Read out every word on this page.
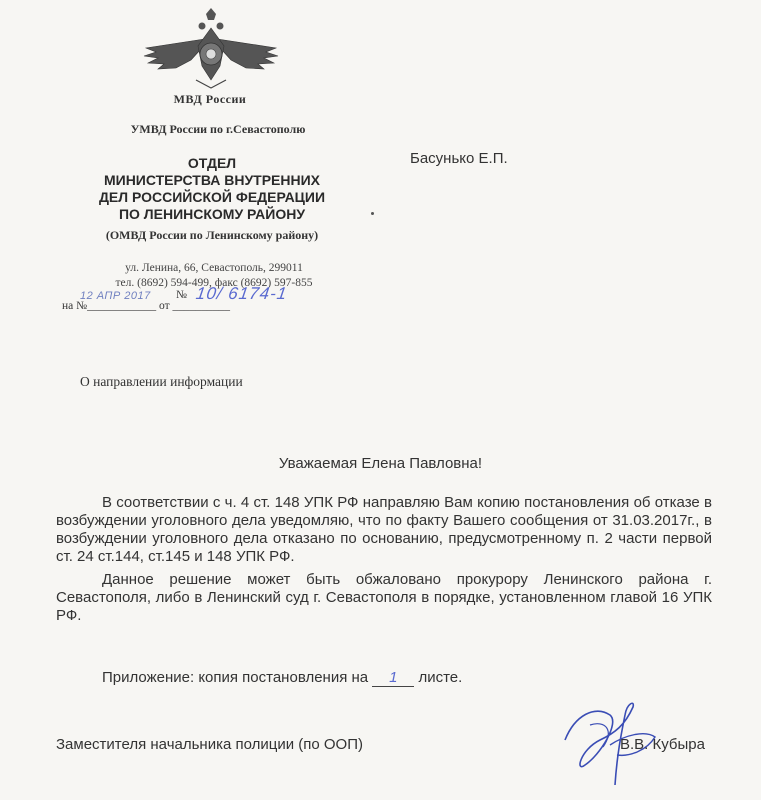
МВД России
УМВД России по г.Севастополю
ОТДЕЛ
МИНИСТЕРСТВА ВНУТРЕННИХ
ДЕЛ РОССИЙСКОЙ ФЕДЕРАЦИИ
ПО ЛЕНИНСКОМУ РАЙОНУ
(ОМВД России по Ленинскому району)
ул. Ленина, 66, Севастополь, 299011
тел. (8692) 594-499, факс (8692) 597-855
12 АПР 2017 № 10/ 6174-1
на №____________ от __________
Басунько Е.П.
О направлении информации
Уважаемая Елена Павловна!

В соответствии с ч. 4 ст. 148 УПК РФ направляю Вам копию постановления об отказе в возбуждении уголовного дела уведомляю, что по факту Вашего сообщения от 31.03.2017г., в возбуждении уголовного дела отказано по основанию, предусмотренному п. 2 части первой ст. 24 ст.144, ст.145 и 148 УПК РФ.

Данное решение может быть обжаловано прокурору Ленинского района г. Севастополя, либо в Ленинский суд г. Севастополя в порядке, установленном главой 16 УПК РФ.

Приложение: копия постановления на 1 листе.
Заместителя начальника полиции (по ООП)	В.В. Кубыра
